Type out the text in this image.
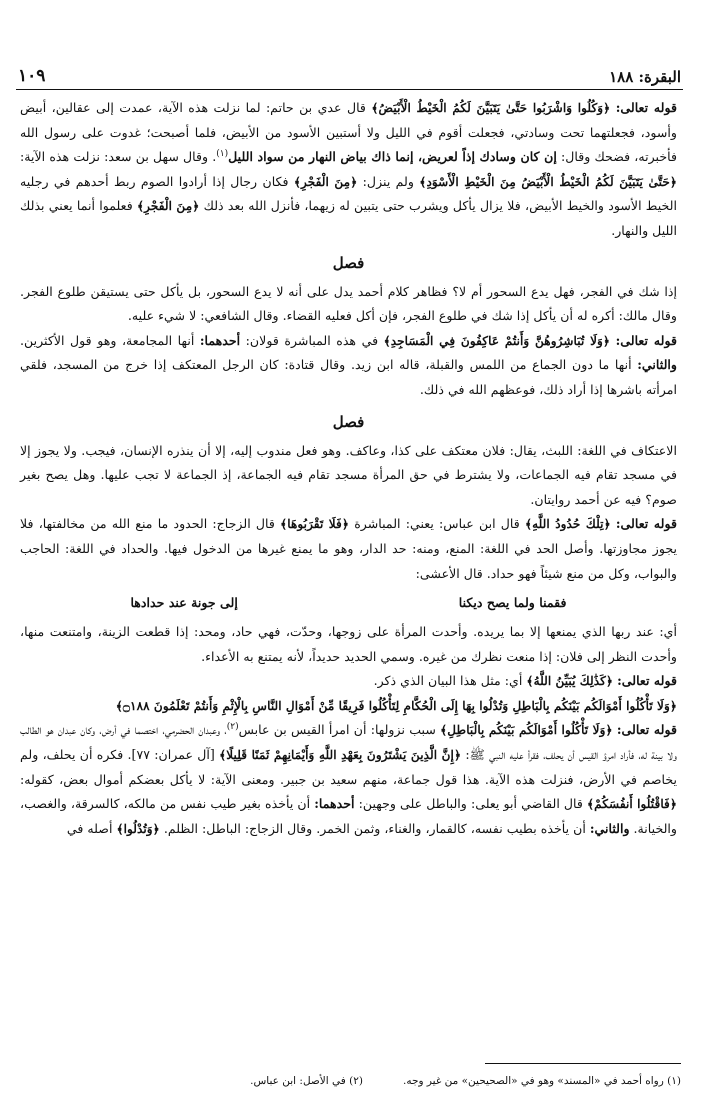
البقرة: ١٨٨
١٠٩

قوله تعالى: ﴿وَكُلُوا وَاشْرَبُوا حَتَّىٰ يَتَبَيَّنَ لَكُمُ الْخَيْطُ الْأَبْيَضُ﴾ قال عدي بن حاتم: لما نزلت هذه الآية، عمدت إلى عقالين، أبيض وأسود، فجعلتهما تحت وسادتي، فجعلت أقوم في الليل ولا أستبين الأسود من الأبيض، فلما أصبحت؛ غدوت على رسول الله فأخبرته، فضحك وقال: إن كان وسادك إذاً لعريض، إنما ذاك بياض النهار من سواد الليل$^{(١)}$. وقال سهل بن سعد: نزلت هذه الآية: ﴿حَتَّىٰ يَتَبَيَّنَ لَكُمُ الْخَيْطُ الْأَبْيَضُ مِنَ الْخَيْطِ الْأَسْوَدِ﴾ ولم ينزل: ﴿مِنَ الْفَجْرِ﴾ فكان رجال إذا أرادوا الصوم ربط أحدهم في رجليه الخيط الأسود والخيط الأبيض، فلا يزال يأكل ويشرب حتى يتبين له زيهما، فأنزل الله بعد ذلك ﴿مِنَ الْفَجْرِ﴾ فعلموا أنما يعني بذلك الليل والنهار.

فصل

إذا شك في الفجر، فهل يدع السحور أم لا؟ فظاهر كلام أحمد يدل على أنه لا يدع السحور، بل يأكل حتى يستيقن طلوع الفجر. وقال مالك: أكره له أن يأكل إذا شك في طلوع الفجر، فإن أكل فعليه القضاء. وقال الشافعي: لا شيء عليه.

قوله تعالى: ﴿وَلَا تُبَاشِرُوهُنَّ وَأَنتُمْ عَاكِفُونَ فِي الْمَسَاجِدِ﴾ في هذه المباشرة قولان: أحدهما: أنها المجامعة، وهو قول الأكثرين. والثاني: أنها ما دون الجماع من اللمس والقبلة، قاله ابن زيد. وقال قتادة: كان الرجل المعتكف إذا خرج من المسجد، فلقي امرأته باشرها إذا أراد ذلك، فوعظهم الله في ذلك.

فصل

الاعتكاف في اللغة: اللبث، يقال: فلان معتكف على كذا، وعاكف. وهو فعل مندوب إليه، إلا أن ينذره الإنسان، فيجب. ولا يجوز إلا في مسجد تقام فيه الجماعات، ولا يشترط في حق المرأة مسجد تقام فيه الجماعة، إذ الجماعة لا تجب عليها. وهل يصح بغير صوم؟ فيه عن أحمد روايتان.

قوله تعالى: ﴿تِلْكَ حُدُودُ اللَّهِ﴾ قال ابن عباس: يعني: المباشرة ﴿فَلَا تَقْرَبُوهَا﴾ قال الزجاج: الحدود ما منع الله من مخالفتها، فلا يجوز مجاوزتها. وأصل الحد في اللغة: المنع، ومنه: حد الدار، وهو ما يمنع غيرها من الدخول فيها. والحداد في اللغة: الحاجب والبواب، وكل من منع شيئاً فهو حداد. قال الأعشى:

فقمنا ولما يصح ديكنا
إلى جونة عند حدادها

أي: عند ربها الذي يمنعها إلا بما يريده. وأحدت المرأة على زوجها، وحدّت، فهي حاد، ومحد: إذا قطعت الزينة، وامتنعت منها، وأحدت النظر إلى فلان: إذا منعت نظرك من غيره. وسمي الحديد حديداً، لأنه يمتنع به الأعداء.

قوله تعالى: ﴿كَذَٰلِكَ يُبَيِّنُ اللَّهُ﴾ أي: مثل هذا البيان الذي ذكر.

﴿وَلَا تَأْكُلُوا أَمْوَالَكُم بَيْنَكُم بِالْبَاطِلِ وَتُدْلُوا بِهَا إِلَى الْحُكَّامِ لِتَأْكُلُوا فَرِيقًا مِّنْ أَمْوَالِ النَّاسِ بِالْإِثْمِ وَأَنتُمْ تَعْلَمُونَ ۝١٨٨﴾

قوله تعالى: ﴿وَلَا تَأْكُلُوا أَمْوَالَكُم بَيْنَكُم بِالْبَاطِلِ﴾ سبب نزولها: أن امرأ القيس بن عابس$^{(٢)}$، وعبدان الحضرمي، اختصما في أرض، وكان عبدان هو الطالب ولا بينة له، فأراد امرؤ القيس أن يحلف، فقرأ عليه النبي ﷺ: ﴿إِنَّ الَّذِينَ يَشْتَرُونَ بِعَهْدِ اللَّهِ وَأَيْمَانِهِمْ ثَمَنًا قَلِيلًا﴾ [آل عمران: ٧٧]. فكره أن يحلف، ولم يخاصم في الأرض، فنزلت هذه الآية. هذا قول جماعة، منهم سعيد بن جبير. ومعنى الآية: لا يأكل بعضكم أموال بعض، كقوله: ﴿فَاقْتُلُوا أَنفُسَكُمْ﴾ قال القاضي أبو يعلى: والباطل على وجهين: أحدهما: أن يأخذه بغير طيب نفس من مالكه، كالسرقة، والغصب، والخيانة. والثاني: أن يأخذه بطيب نفسه، كالقمار، والغناء، وثمن الخمر. وقال الزجاج: الباطل: الظلم. ﴿وَتُدْلُوا﴾ أصله في

(١) رواه أحمد في «المسند» وهو في «الصحيحين» من غير وجه.
(٢) في الأصل: ابن عباس.
